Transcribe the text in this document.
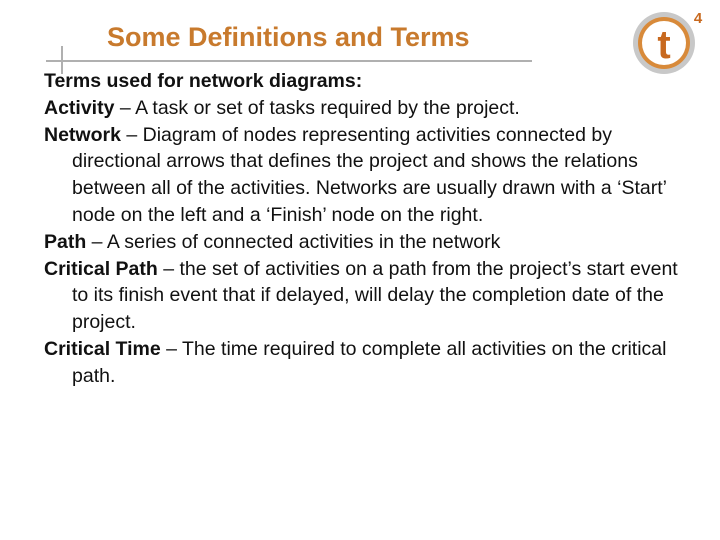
Some Definitions and Terms	t
4

Terms used for network diagrams:

Activity – A task or set of tasks required by the project.

Network – Diagram of nodes representing activities connected by directional arrows that defines the project and shows the relations between all of the activities. Networks are usually drawn with a ‘Start’ node on the left and a ‘Finish’ node on the right.

Path – A series of connected activities in the network

Critical Path – the set of activities on a path from the project’s start event to its finish event that if delayed, will delay the completion date of the project.

Critical Time – The time required to complete all activities on the critical path.
